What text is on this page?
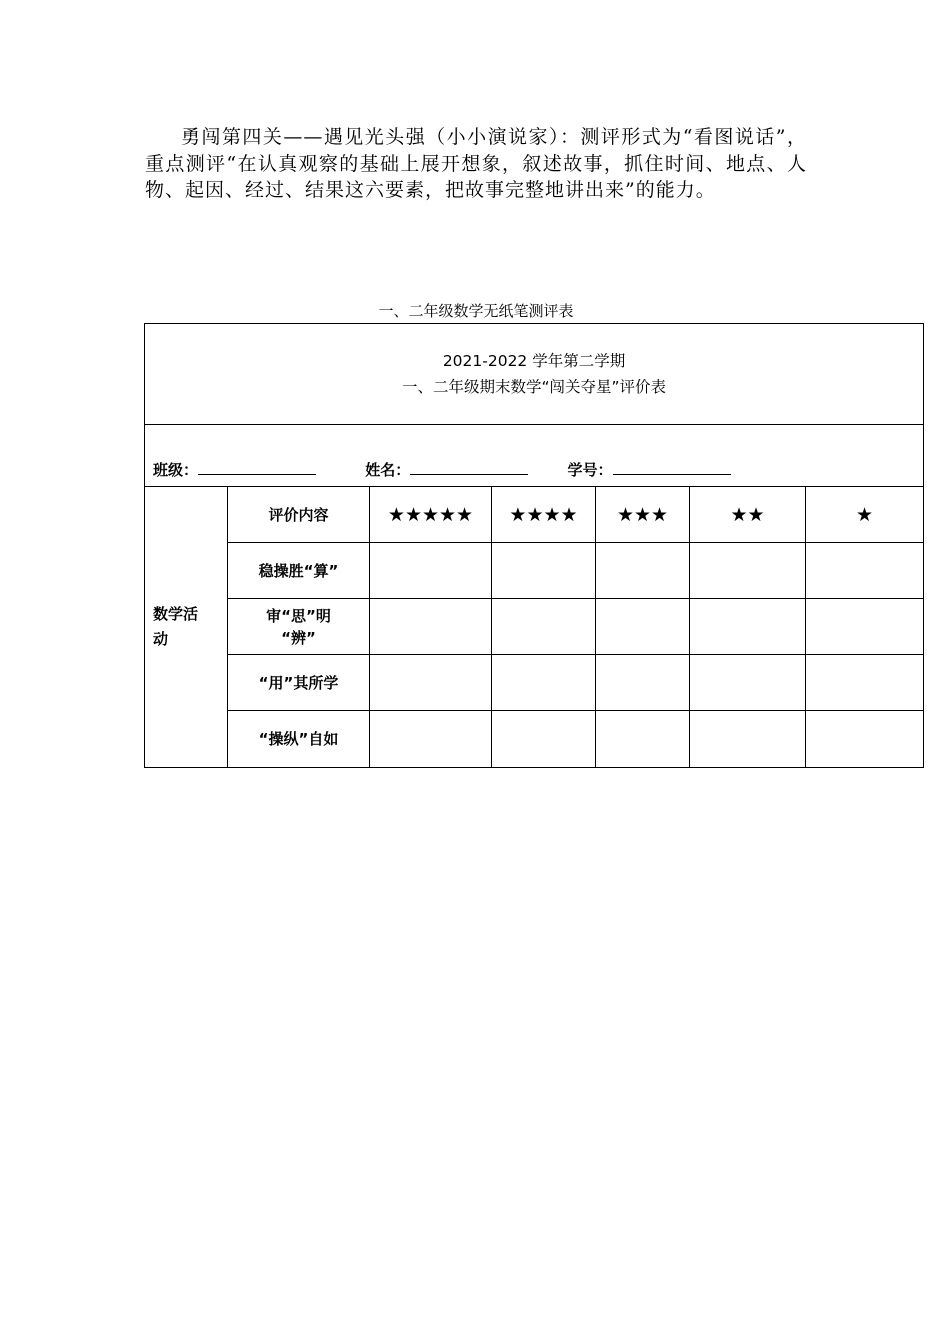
勇闯第四关——遇见光头强（小小演说家）：测评形式为“看图说话”，重点测评“在认真观察的基础上展开想象，叙述故事，抓住时间、地点、人物、起因、经过、结果这六要素，把故事完整地讲出来”的能力。

一、二年级数学无纸笔测评表

2021-2022 学年第二学期
一、二年级期末数学“闯关夺星”评价表						

班级： 姓名： 学号：						

数学活
动	评价内容	★★★★★	★★★★	★★★	★★	★

	稳操胜“算”					

	审“思”明
“辨”					

	“用”其所学					

	“操纵”自如					
